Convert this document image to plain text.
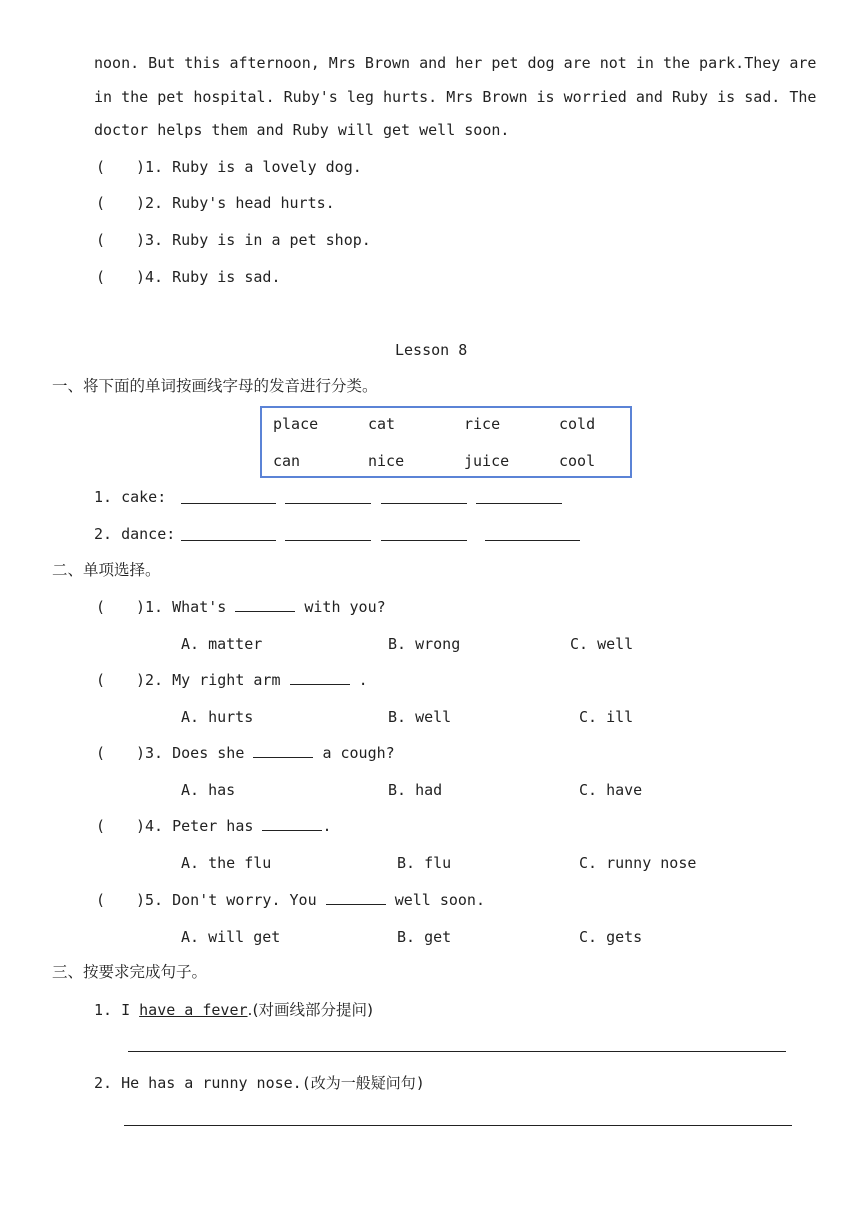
noon. But this afternoon, Mrs Brown and her pet dog are not in the park.They are
in the pet hospital. Ruby's leg hurts. Mrs Brown is worried and Ruby is sad. The
doctor helps them and Ruby will get well soon.
( )1. Ruby is a lovely dog.
( )2. Ruby's head hurts.
( )3. Ruby is in a pet shop.
( )4. Ruby is sad.
Lesson 8
一、将下面的单词按画线字母的发音进行分类。
place	cat	rice	cold
can	nice	juice	cool
1. cake:
2. dance:
二、单项选择。
( )1. What's	with you?
A. matter	B. wrong	C. well
( )2. My right arm	.
A. hurts	B. well	C. ill
( )3. Does she	a cough?
A. has	B. had	C. have
( )4. Peter has	.
A. the flu	B. flu	C. runny nose
( )5. Don't worry. You	well soon.
A. will get	B. get	C. gets
三、按要求完成句子。
1. I have a fever.(对画线部分提问)
2. He has a runny nose.(改为一般疑问句)
